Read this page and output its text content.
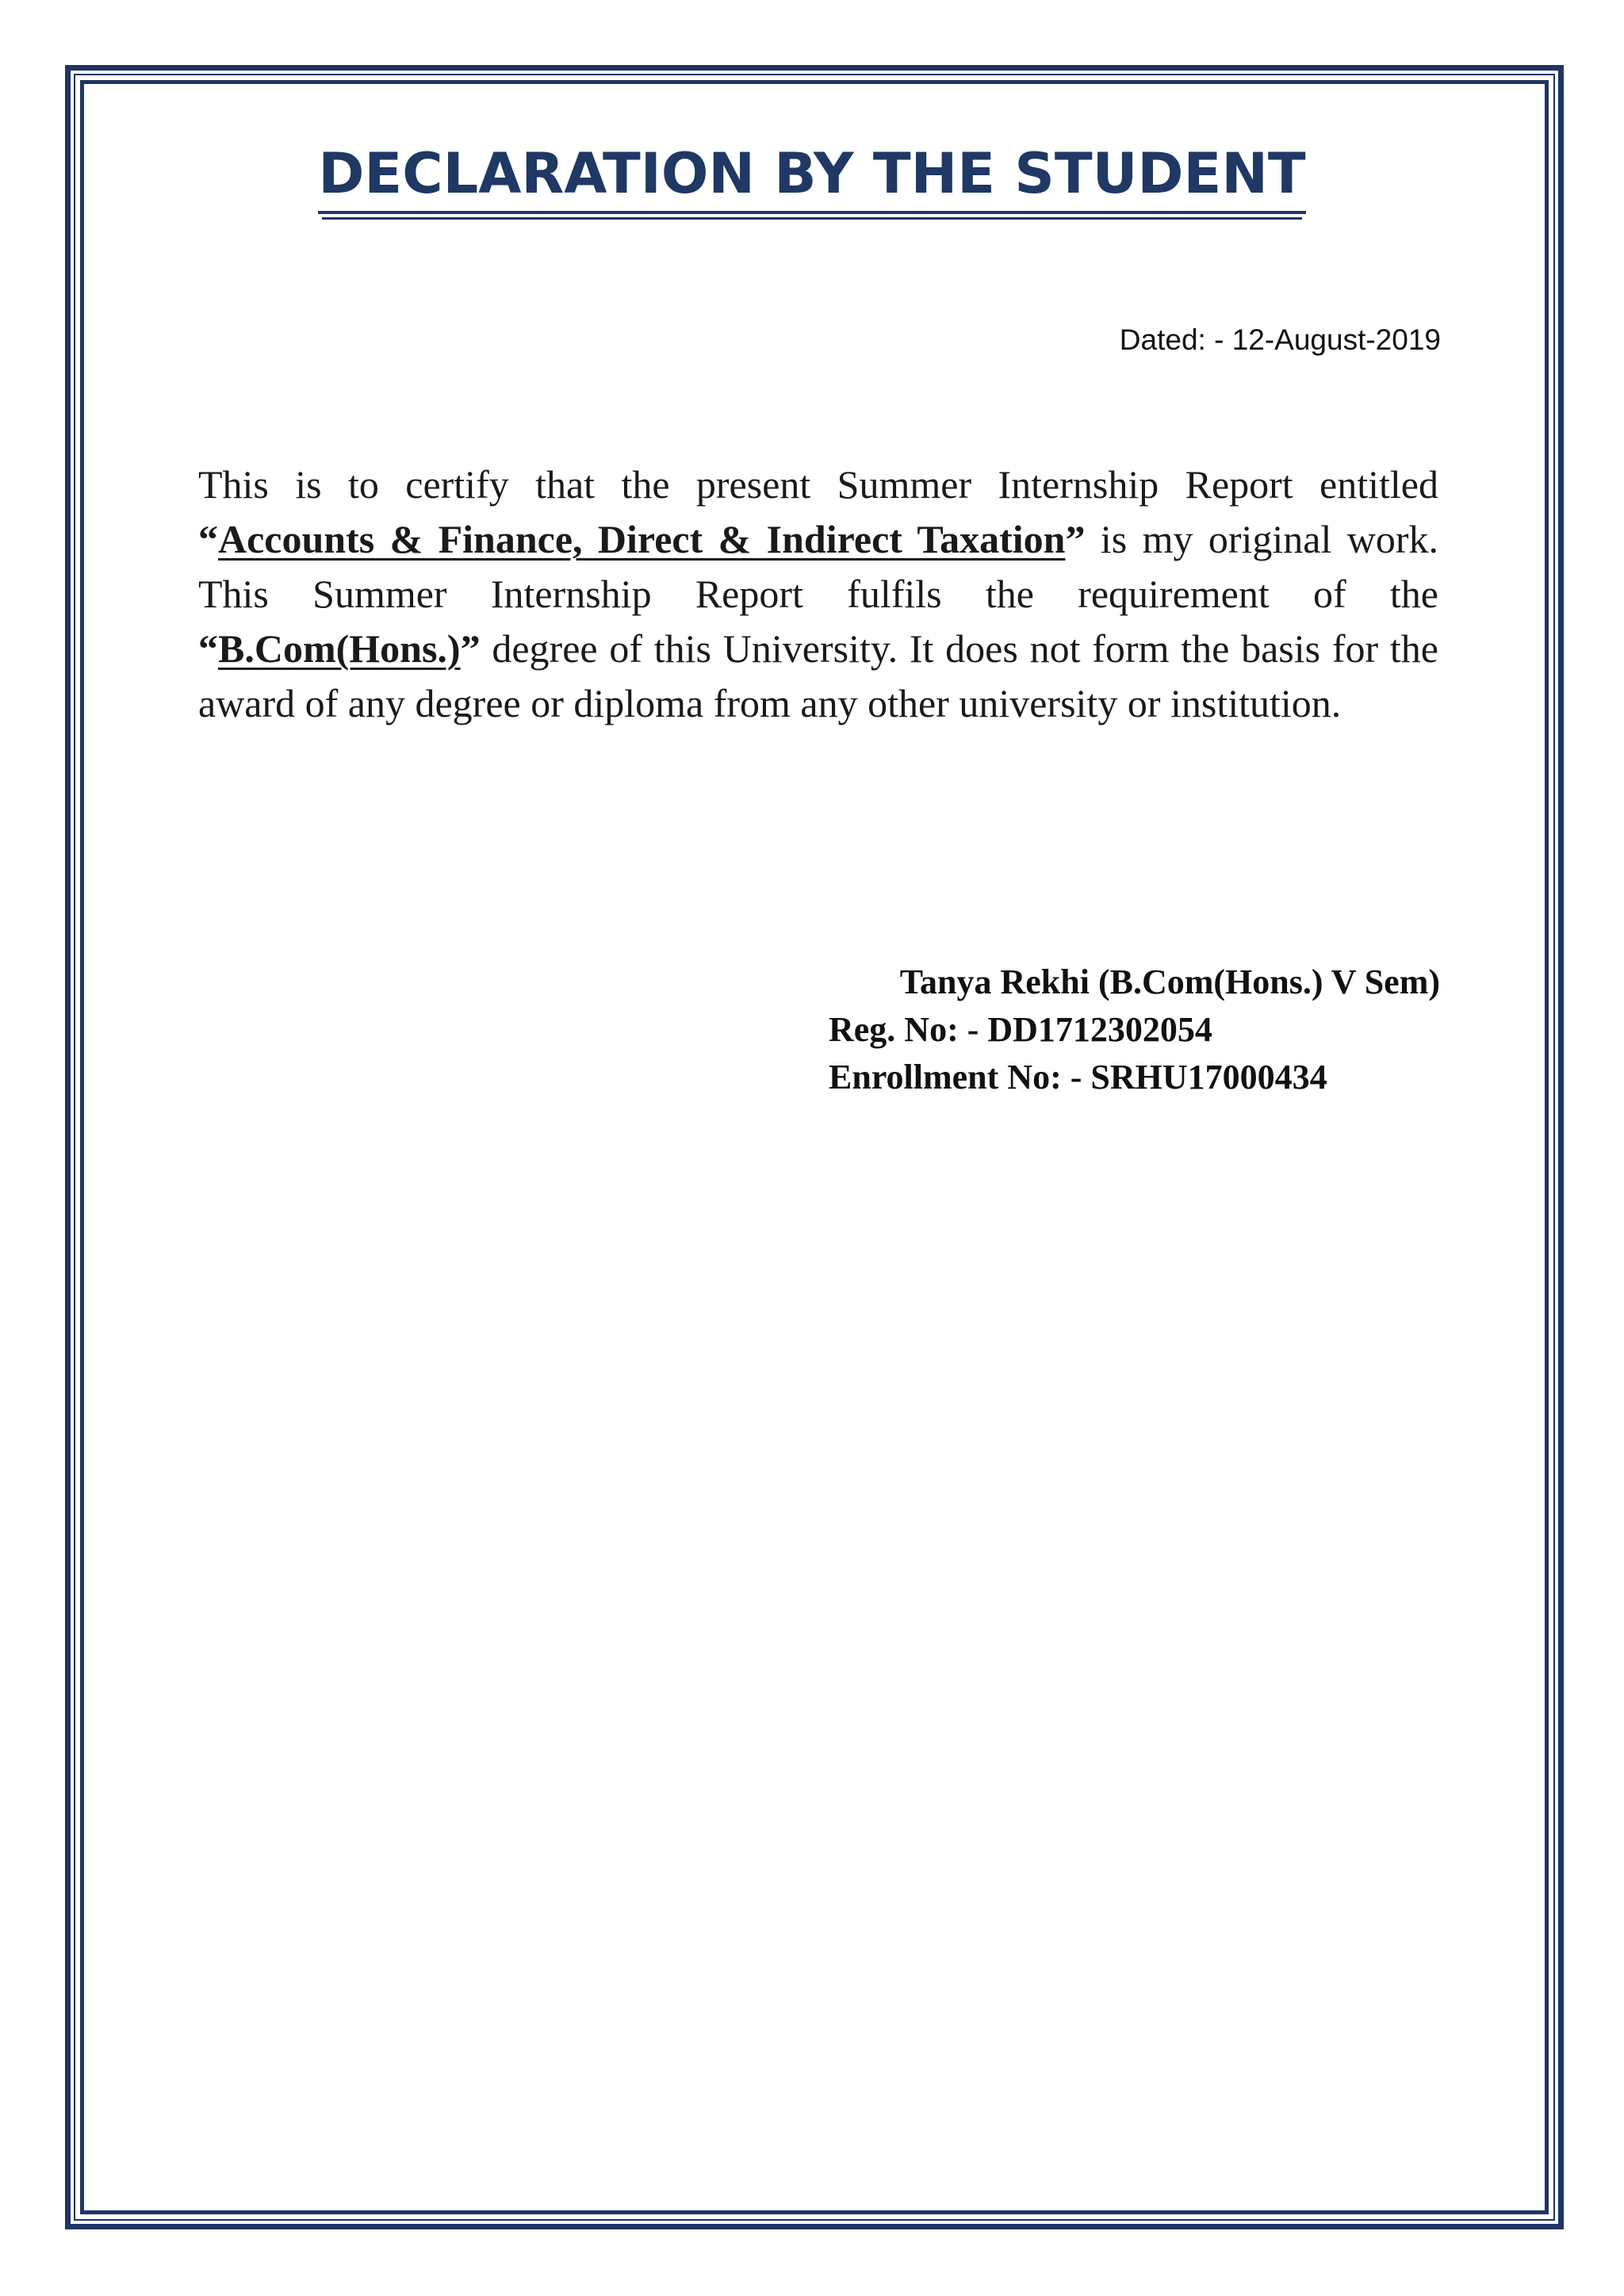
DECLARATION BY THE STUDENT
Dated: - 12-August-2019

This is to certify that the present Summer Internship Report entitled “Accounts & Finance, Direct & Indirect Taxation” is my original work. This Summer Internship Report fulfils the requirement of the “B.Com(Hons.)” degree of this University. It does not form the basis for the award of any degree or diploma from any other university or institution.

Tanya Rekhi (B.Com(Hons.) V Sem)
Reg. No: - DD1712302054
Enrollment No: - SRHU17000434
